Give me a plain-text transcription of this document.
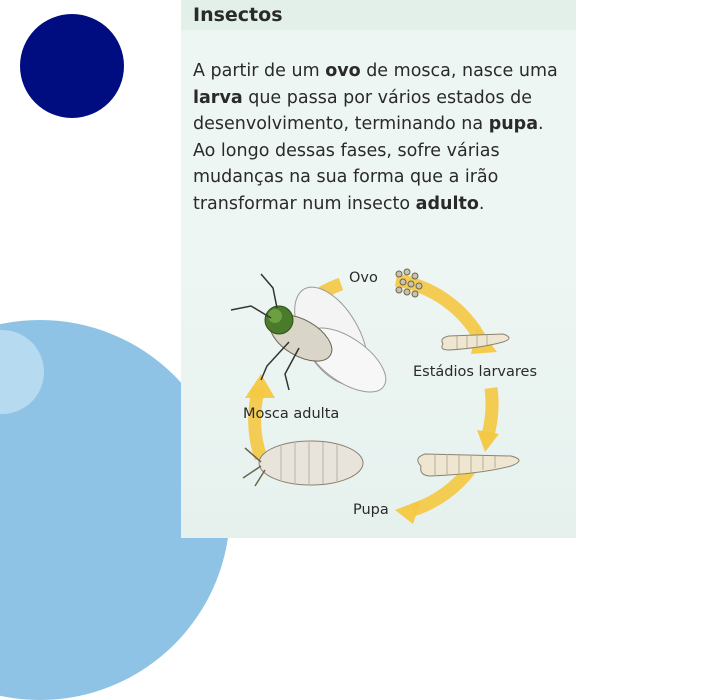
Insectos

A partir de um ovo de mosca, nasce uma
larva que passa por vários estados de
desenvolvimento, terminando na pupa.
Ao longo dessas fases, sofre várias
mudanças na sua forma que a irão
transformar num insecto adulto.

Ovo
Estádios larvares
Pupa
Mosca adulta
